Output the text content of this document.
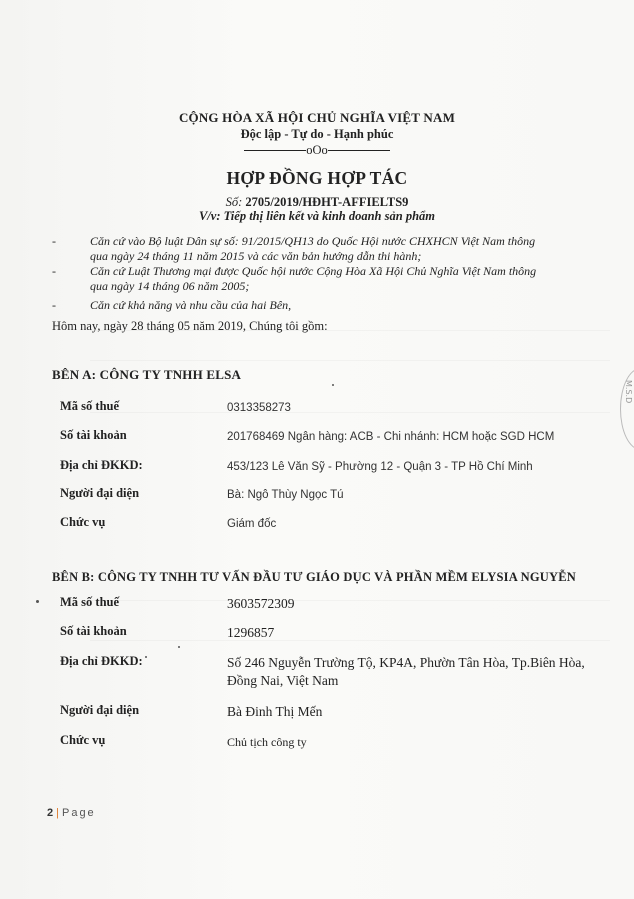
CỘNG HÒA XÃ HỘI CHỦ NGHĨA VIỆT NAM
Độc lập - Tự do - Hạnh phúc
oOo
HỢP ĐỒNG HỢP TÁC
Số: 2705/2019/HĐHT-AFFIELTS9
V/v: Tiếp thị liên kết và kinh doanh sản phẩm
-	Căn cứ vào Bộ luật Dân sự số: 91/2015/QH13 do Quốc Hội nước CHXHCN Việt Nam thông
qua ngày 24 tháng 11 năm 2015 và các văn bản hướng dẫn thi hành;
-	Căn cứ Luật Thương mại được Quốc hội nước Cộng Hòa Xã Hội Chủ Nghĩa Việt Nam thông
qua ngày 14 tháng 06 năm 2005;
-	Căn cứ khả năng và nhu cầu của hai Bên,
Hôm nay, ngày 28 tháng 05 năm 2019, Chúng tôi gồm:
BÊN A: CÔNG TY TNHH ELSA
Mã số thuế	0313358273
Số tài khoản	201768469 Ngân hàng: ACB - Chi nhánh: HCM hoặc SGD HCM
Địa chỉ ĐKKD:	453/123 Lê Văn Sỹ - Phường 12 - Quận 3 - TP Hồ Chí Minh
Người đại diện	Bà: Ngô Thùy Ngọc Tú
Chức vụ	Giám đốc
BÊN B: CÔNG TY TNHH TƯ VẤN ĐẦU TƯ GIÁO DỤC VÀ PHẦN MỀM ELYSIA NGUYỄN
Mã số thuế	3603572309
Số tài khoản	1296857
Địa chỉ ĐKKD:	Số 246 Nguyễn Trường Tộ, KP4A, Phườn Tân Hòa, Tp.Biên Hòa, Đồng Nai, Việt Nam
Người đại diện	Bà Đinh Thị Mến
Chức vụ	Chủ tịch công ty
M.S.D
2 | Page
